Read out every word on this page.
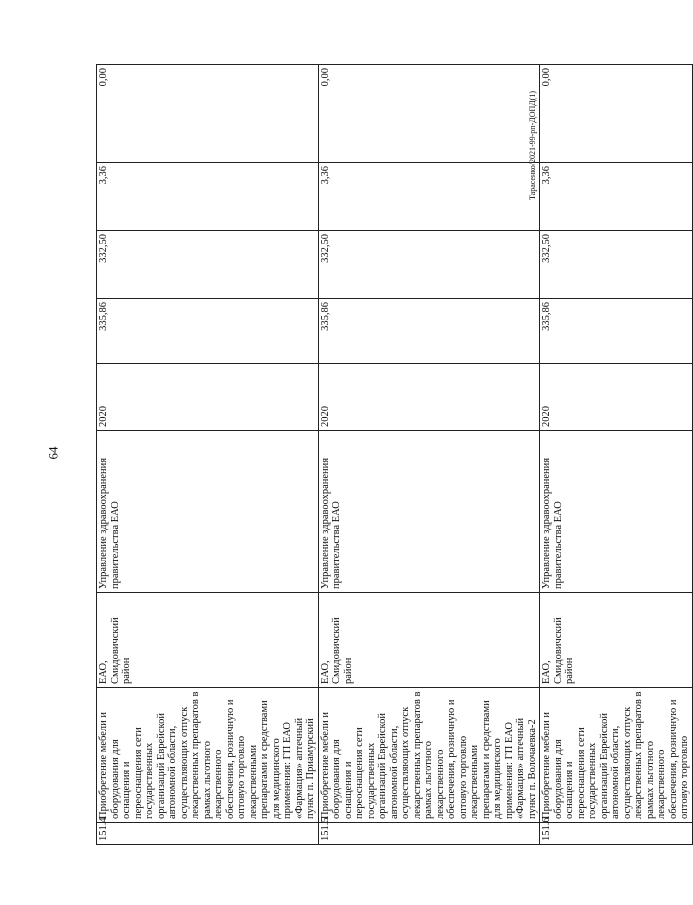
64
Тарасенко/2021-99-рп-ДОПД(1)
151.4	Приобретение мебели и оборудования для оснащения и переоснащения сети государственных организаций Еврейской автономной области, осуществляющих отпуск лекарственных препаратов в рамках льготного лекарственного обеспечения, розничную и оптовую торговлю лекарственными препаратами и средствами для медицинского применения: ГП ЕАО «Фармация» аптечный пункт п. Приамурский	ЕАО, Смидовичский район	Управление здравоохранения правительства ЕАО	2020	335,86	332,50	3,36	0,00
151.5	Приобретение мебели и оборудования для оснащения и переоснащения сети государственных организаций Еврейской автономной области, осуществляющих отпуск лекарственных препаратов в рамках льготного лекарственного обеспечения, розничную и оптовую торговлю лекарственными препаратами и средствами для медицинского применения: ГП ЕАО «Фармация» аптечный пункт п. Волочаевка-2	ЕАО, Смидовичский район	Управление здравоохранения правительства ЕАО	2020	335,86	332,50	3,36	0,00
151.6	Приобретение мебели и оборудования для оснащения и переоснащения сети государственных организаций Еврейской автономной области, осуществляющих отпуск лекарственных препаратов в рамках льготного лекарственного обеспечения, розничную и оптовую торговлю	ЕАО, Смидовичский район	Управление здравоохранения правительства ЕАО	2020	335,86	332,50	3,36	0,00
